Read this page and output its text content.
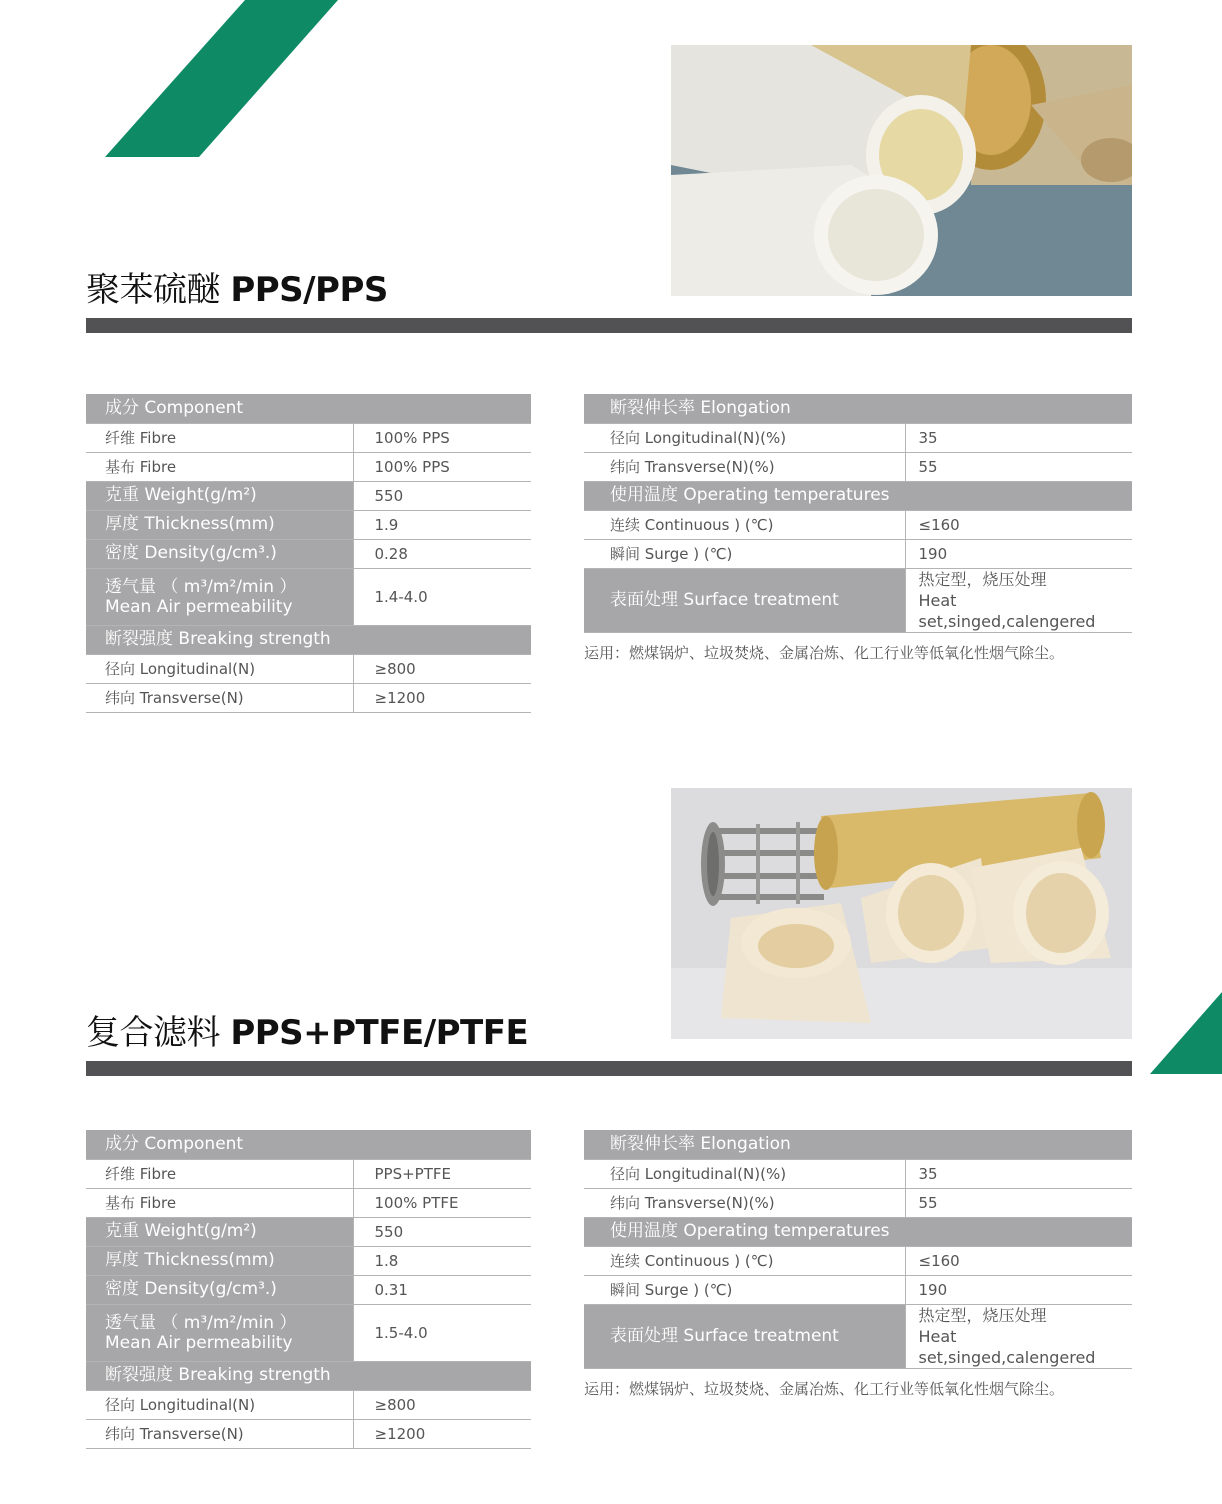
聚苯硫醚 PPS/PPS
成分 Component	
纤维 Fibre	100% PPS
基布 Fibre	100% PPS
克重 Weight(g/m²)	550
厚度 Thickness(mm)	1.9
密度 Density(g/cm³.)	0.28
透气量 （ m³/m²/min ）
Mean Air permeability	1.4-4.0
断裂强度 Breaking strength	
径向 Longitudinal(N)	≥800
纬向 Transverse(N)	≥1200
断裂伸长率 Elongation	
径向 Longitudinal(N)(%)	35
纬向 Transverse(N)(%)	55
使用温度 Operating temperatures	
连续 Continuous ) (℃)	≤160
瞬间 Surge ) (℃)	190
表面处理 Surface treatment	热定型，烧压处理
Heat set,singed,calengered
运用：燃煤锅炉、垃圾焚烧、金属冶炼、化工行业等低氧化性烟气除尘。
复合滤料 PPS+PTFE/PTFE
成分 Component	
纤维 Fibre	PPS+PTFE
基布 Fibre	100% PTFE
克重 Weight(g/m²)	550
厚度 Thickness(mm)	1.8
密度 Density(g/cm³.)	0.31
透气量 （ m³/m²/min ）
Mean Air permeability	1.5-4.0
断裂强度 Breaking strength	
径向 Longitudinal(N)	≥800
纬向 Transverse(N)	≥1200
断裂伸长率 Elongation	
径向 Longitudinal(N)(%)	35
纬向 Transverse(N)(%)	55
使用温度 Operating temperatures	
连续 Continuous ) (℃)	≤160
瞬间 Surge ) (℃)	190
表面处理 Surface treatment	热定型，烧压处理
Heat set,singed,calengered
运用：燃煤锅炉、垃圾焚烧、金属冶炼、化工行业等低氧化性烟气除尘。
